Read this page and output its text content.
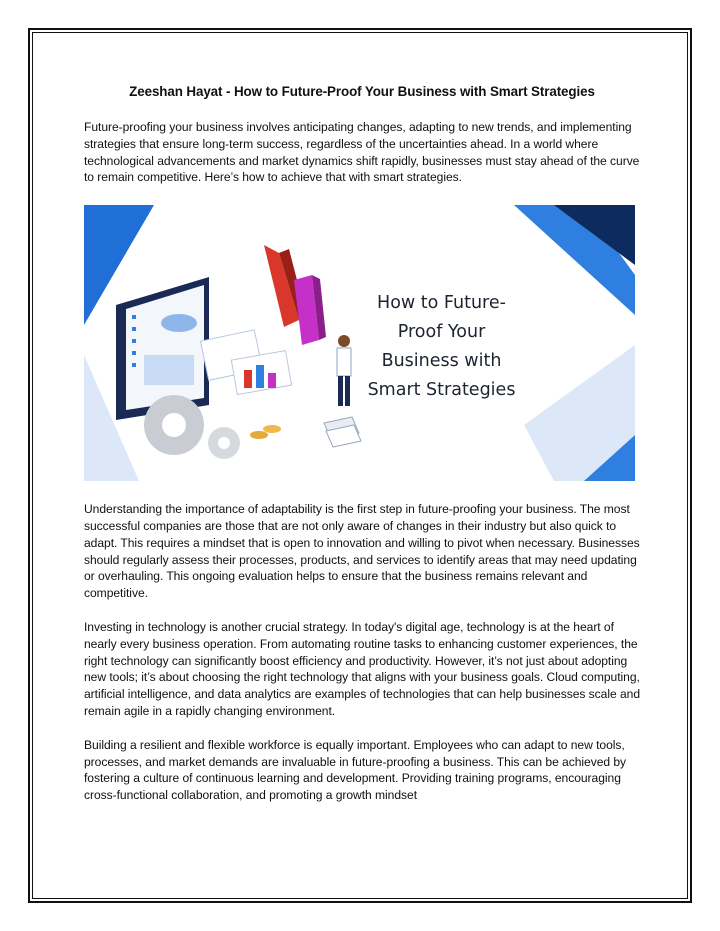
Zeeshan Hayat - How to Future-Proof Your Business with Smart Strategies

Future-proofing your business involves anticipating changes, adapting to new trends, and implementing strategies that ensure long-term success, regardless of the uncertainties ahead. In a world where technological advancements and market dynamics shift rapidly, businesses must stay ahead of the curve to remain competitive. Here’s how to achieve that with smart strategies.

How to Future-
Proof Your
Business with
Smart Strategies

Understanding the importance of adaptability is the first step in future-proofing your business. The most successful companies are those that are not only aware of changes in their industry but also quick to adapt. This requires a mindset that is open to innovation and willing to pivot when necessary. Businesses should regularly assess their processes, products, and services to identify areas that may need updating or overhauling. This ongoing evaluation helps to ensure that the business remains relevant and competitive.

Investing in technology is another crucial strategy. In today's digital age, technology is at the heart of nearly every business operation. From automating routine tasks to enhancing customer experiences, the right technology can significantly boost efficiency and productivity. However, it’s not just about adopting new tools; it’s about choosing the right technology that aligns with your business goals. Cloud computing, artificial intelligence, and data analytics are examples of technologies that can help businesses scale and remain agile in a rapidly changing environment.

Building a resilient and flexible workforce is equally important. Employees who can adapt to new tools, processes, and market demands are invaluable in future-proofing a business. This can be achieved by fostering a culture of continuous learning and development. Providing training programs, encouraging cross-functional collaboration, and promoting a growth mindset
